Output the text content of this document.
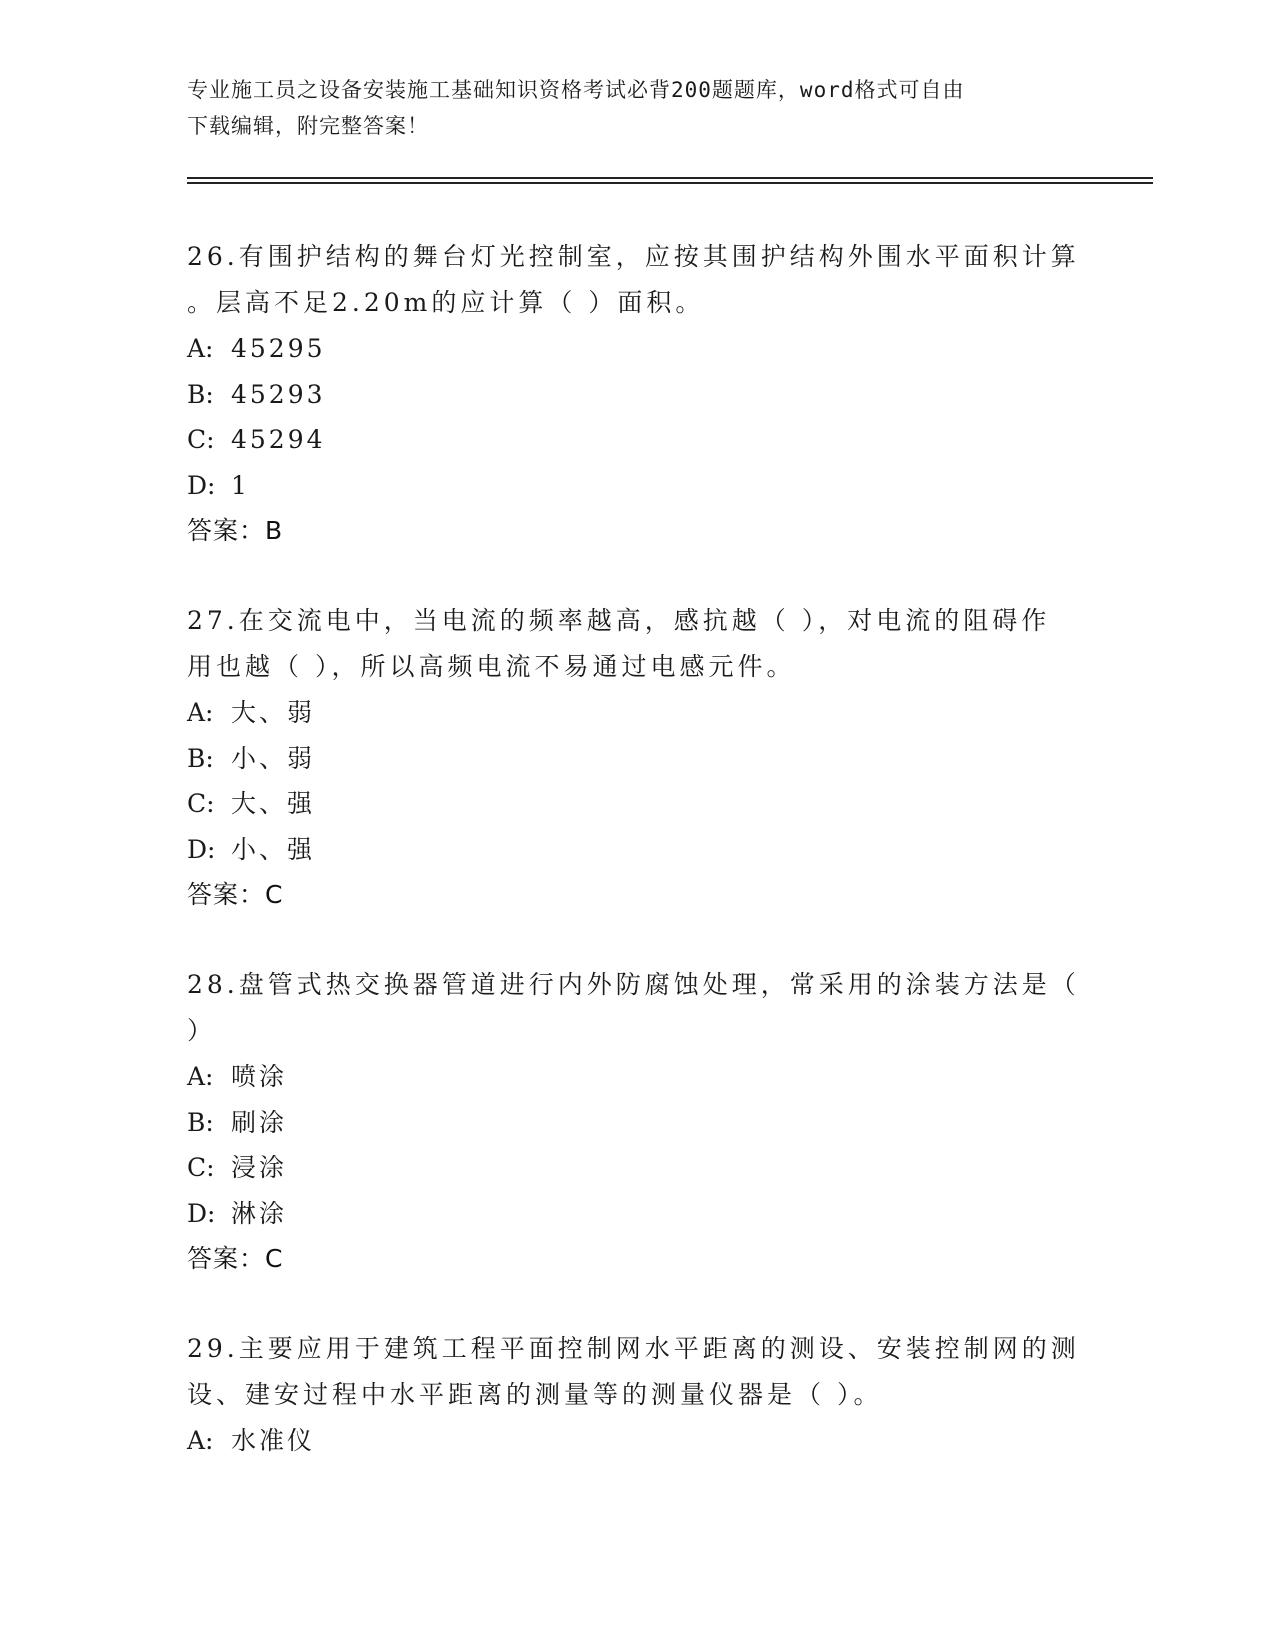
专业施工员之设备安装施工基础知识资格考试必背200题题库，word格式可自由
下载编辑，附完整答案！

26.有围护结构的舞台灯光控制室，应按其围护结构外围水平面积计算

。层高不足2.20m的应计算（ ）面积。

A: 45295

B: 45293

C: 45294

D: 1

答案：B

27.在交流电中，当电流的频率越高，感抗越（ ），对电流的阻碍作

用也越（ ），所以高频电流不易通过电感元件。

A: 大、弱

B: 小、弱

C: 大、强

D: 小、强

答案：C

28.盘管式热交换器管道进行内外防腐蚀处理，常采用的涂装方法是（

）

A: 喷涂

B: 刷涂

C: 浸涂

D: 淋涂

答案：C

29.主要应用于建筑工程平面控制网水平距离的测设、安装控制网的测

设、建安过程中水平距离的测量等的测量仪器是（ ）。

A: 水准仪
